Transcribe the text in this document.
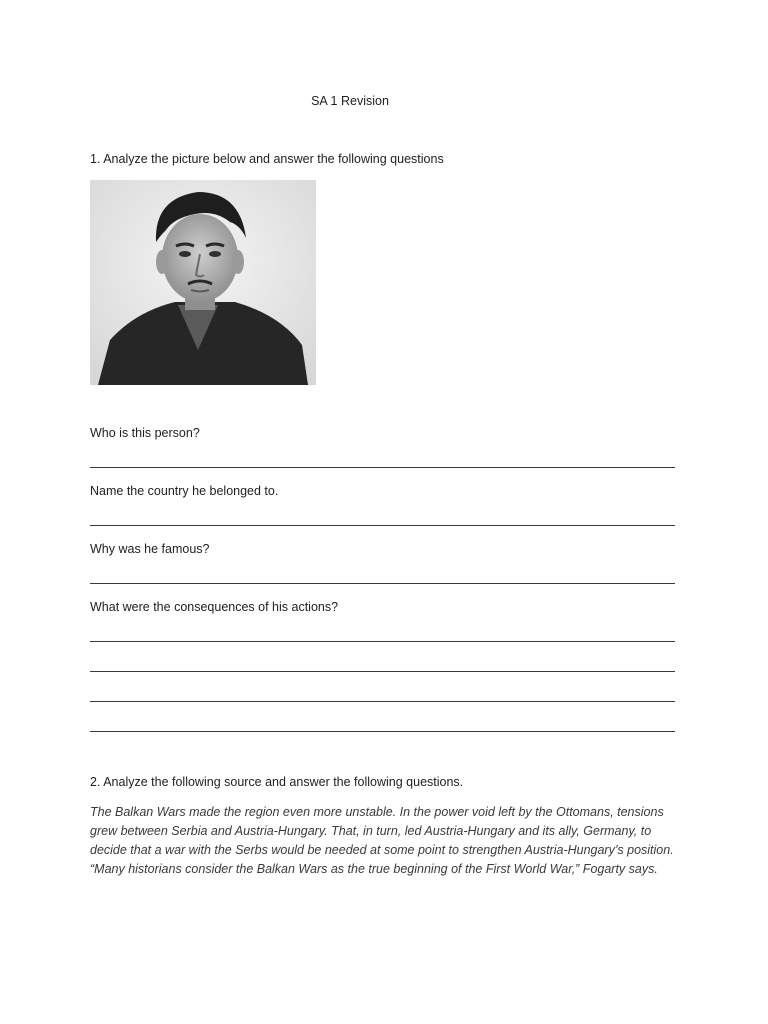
SA 1 Revision
1. Analyze the picture below and answer the following questions
Who is this person?
Name the country he belonged to.
Why was he famous?
What were the consequences of his actions?
2. Analyze the following source and answer the following questions.
The Balkan Wars made the region even more unstable. In the power void left by the Ottomans, tensions grew between Serbia and Austria-Hungary. That, in turn, led Austria-Hungary and its ally, Germany, to decide that a war with the Serbs would be needed at some point to strengthen Austria-Hungary’s position. “Many historians consider the Balkan Wars as the true beginning of the First World War,” Fogarty says.
